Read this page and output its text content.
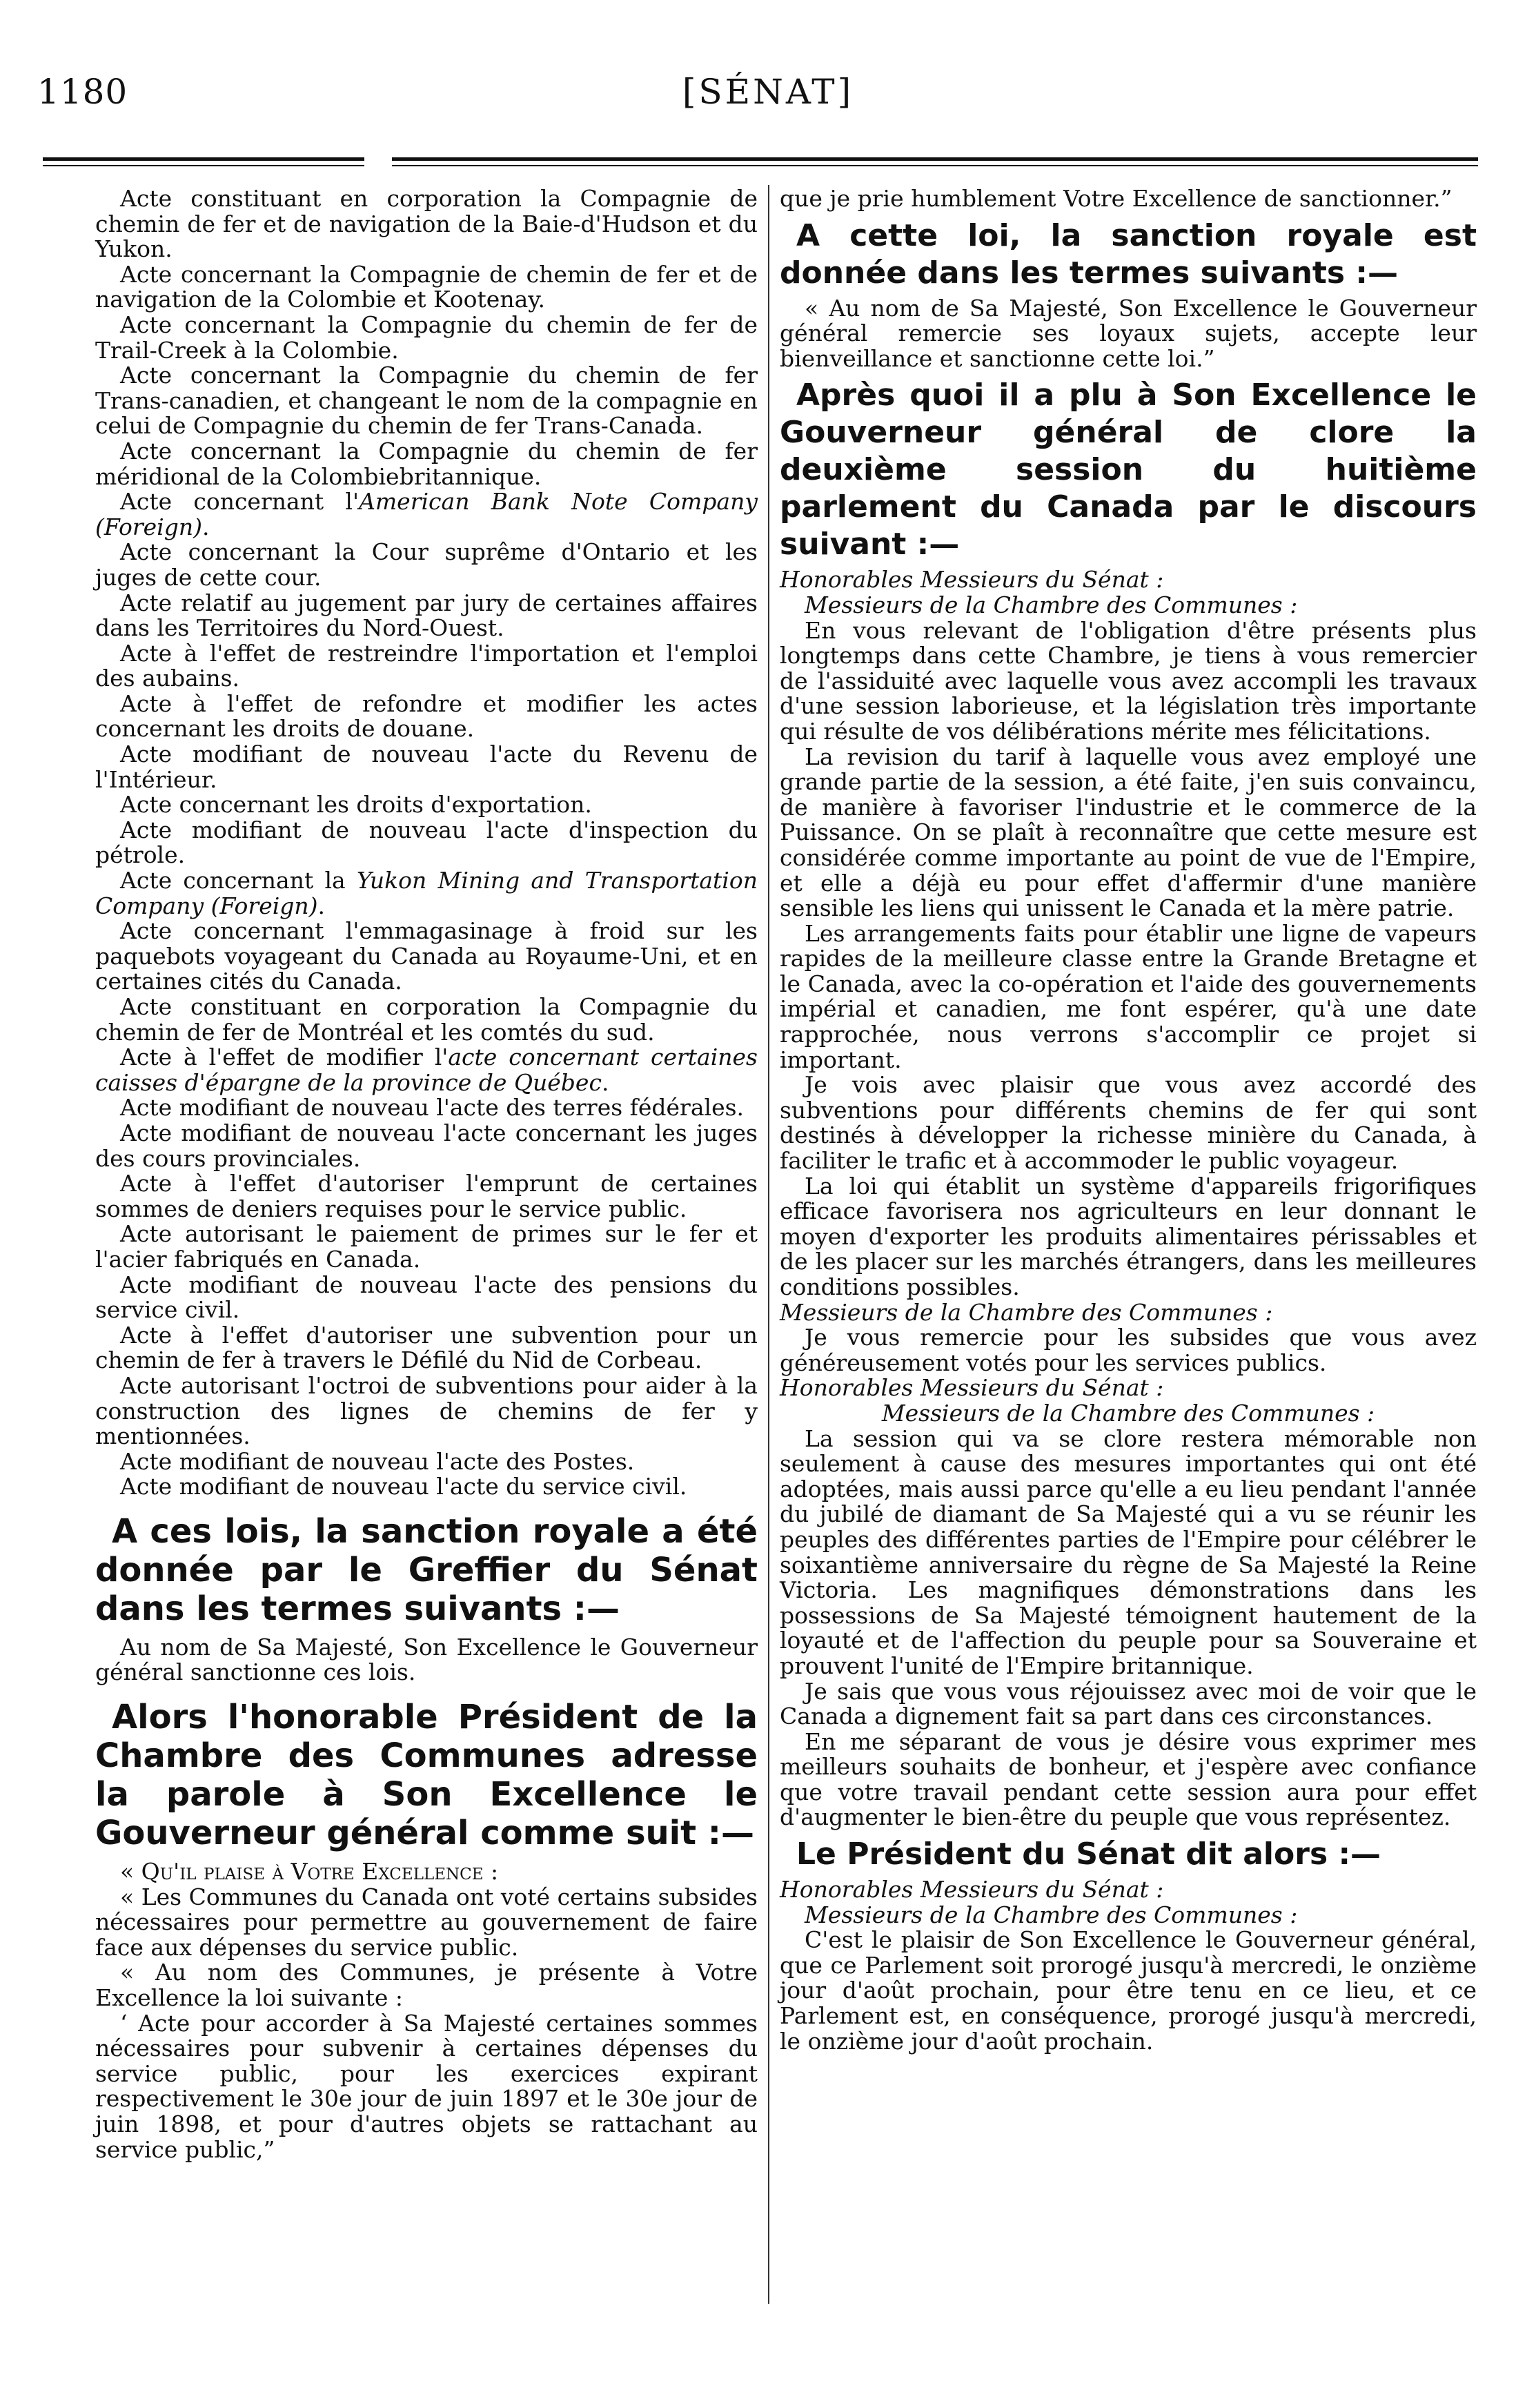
1180	[SÉNAT]

Acte constituant en corporation la Compagnie de chemin de fer et de navigation de la Baie-d'Hudson et du Yukon.

Acte concernant la Compagnie de chemin de fer et de navigation de la Colombie et Kootenay.

Acte concernant la Compagnie du chemin de fer de Trail-Creek à la Colombie.

Acte concernant la Compagnie du chemin de fer Trans-canadien, et changeant le nom de la compagnie en celui de Compagnie du chemin de fer Trans-Canada.

Acte concernant la Compagnie du chemin de fer méridional de la Colombiebritannique.

Acte concernant l'American Bank Note Company (Foreign).

Acte concernant la Cour suprême d'Ontario et les juges de cette cour.

Acte relatif au jugement par jury de certaines affaires dans les Territoires du Nord-Ouest.

Acte à l'effet de restreindre l'importation et l'emploi des aubains.

Acte à l'effet de refondre et modifier les actes concernant les droits de douane.

Acte modifiant de nouveau l'acte du Revenu de l'Intérieur.

Acte concernant les droits d'exportation.

Acte modifiant de nouveau l'acte d'inspection du pétrole.

Acte concernant la Yukon Mining and Transportation Company (Foreign).

Acte concernant l'emmagasinage à froid sur les paquebots voyageant du Canada au Royaume-Uni, et en certaines cités du Canada.

Acte constituant en corporation la Compagnie du chemin de fer de Montréal et les comtés du sud.

Acte à l'effet de modifier l'acte concernant certaines caisses d'épargne de la province de Québec.

Acte modifiant de nouveau l'acte des terres fédérales.

Acte modifiant de nouveau l'acte concernant les juges des cours provinciales.

Acte à l'effet d'autoriser l'emprunt de certaines sommes de deniers requises pour le service public.

Acte autorisant le paiement de primes sur le fer et l'acier fabriqués en Canada.

Acte modifiant de nouveau l'acte des pensions du service civil.

Acte à l'effet d'autoriser une subvention pour un chemin de fer à travers le Défilé du Nid de Corbeau.

Acte autorisant l'octroi de subventions pour aider à la construction des lignes de chemins de fer y mentionnées.

Acte modifiant de nouveau l'acte des Postes.

Acte modifiant de nouveau l'acte du service civil.

A ces lois, la sanction royale a été donnée par le Greffier du Sénat dans les termes suivants :—

Au nom de Sa Majesté, Son Excellence le Gouverneur général sanctionne ces lois.

Alors l'honorable Président de la Chambre des Communes adresse la parole à Son Excellence le Gouverneur général comme suit :—

« Qu'il plaise à Votre Excellence :

« Les Communes du Canada ont voté certains subsides nécessaires pour permettre au gouvernement de faire face aux dépenses du service public.

« Au nom des Communes, je présente à Votre Excellence la loi suivante :

‘ Acte pour accorder à Sa Majesté certaines sommes nécessaires pour subvenir à certaines dépenses du service public, pour les exercices expirant respectivement le 30e jour de juin 1897 et le 30e jour de juin 1898, et pour d'autres objets se rattachant au service public,”

que je prie humblement Votre Excellence de sanctionner.”

A cette loi, la sanction royale est donnée dans les termes suivants :—

« Au nom de Sa Majesté, Son Excellence le Gouverneur général remercie ses loyaux sujets, accepte leur bienveillance et sanctionne cette loi.”

Après quoi il a plu à Son Excellence le Gouverneur général de clore la deuxième session du huitième parlement du Canada par le discours suivant :—

Honorables Messieurs du Sénat :

Messieurs de la Chambre des Communes :

En vous relevant de l'obligation d'être présents plus longtemps dans cette Chambre, je tiens à vous remercier de l'assiduité avec laquelle vous avez accompli les travaux d'une session laborieuse, et la législation très importante qui résulte de vos délibérations mérite mes félicitations.

La revision du tarif à laquelle vous avez employé une grande partie de la session, a été faite, j'en suis convaincu, de manière à favoriser l'industrie et le commerce de la Puissance. On se plaît à reconnaître que cette mesure est considérée comme importante au point de vue de l'Empire, et elle a déjà eu pour effet d'affermir d'une manière sensible les liens qui unissent le Canada et la mère patrie.

Les arrangements faits pour établir une ligne de vapeurs rapides de la meilleure classe entre la Grande Bretagne et le Canada, avec la co-opération et l'aide des gouvernements impérial et canadien, me font espérer, qu'à une date rapprochée, nous verrons s'accomplir ce projet si important.

Je vois avec plaisir que vous avez accordé des subventions pour différents chemins de fer qui sont destinés à développer la richesse minière du Canada, à faciliter le trafic et à accommoder le public voyageur.

La loi qui établit un système d'appareils frigorifiques efficace favorisera nos agriculteurs en leur donnant le moyen d'exporter les produits alimentaires périssables et de les placer sur les marchés étrangers, dans les meilleures conditions possibles.

Messieurs de la Chambre des Communes :

Je vous remercie pour les subsides que vous avez généreusement votés pour les services publics.

Honorables Messieurs du Sénat :

Messieurs de la Chambre des Communes :

La session qui va se clore restera mémorable non seulement à cause des mesures importantes qui ont été adoptées, mais aussi parce qu'elle a eu lieu pendant l'année du jubilé de diamant de Sa Majesté qui a vu se réunir les peuples des différentes parties de l'Empire pour célébrer le soixantième anniversaire du règne de Sa Majesté la Reine Victoria. Les magnifiques démonstrations dans les possessions de Sa Majesté témoignent hautement de la loyauté et de l'affection du peuple pour sa Souveraine et prouvent l'unité de l'Empire britannique.

Je sais que vous vous réjouissez avec moi de voir que le Canada a dignement fait sa part dans ces circonstances.

En me séparant de vous je désire vous exprimer mes meilleurs souhaits de bonheur, et j'espère avec confiance que votre travail pendant cette session aura pour effet d'augmenter le bien-être du peuple que vous représentez.

Le Président du Sénat dit alors :—

Honorables Messieurs du Sénat :

Messieurs de la Chambre des Communes :

C'est le plaisir de Son Excellence le Gouverneur général, que ce Parlement soit prorogé jusqu'à mercredi, le onzième jour d'août prochain, pour être tenu en ce lieu, et ce Parlement est, en conséquence, prorogé jusqu'à mercredi, le onzième jour d'août prochain.
